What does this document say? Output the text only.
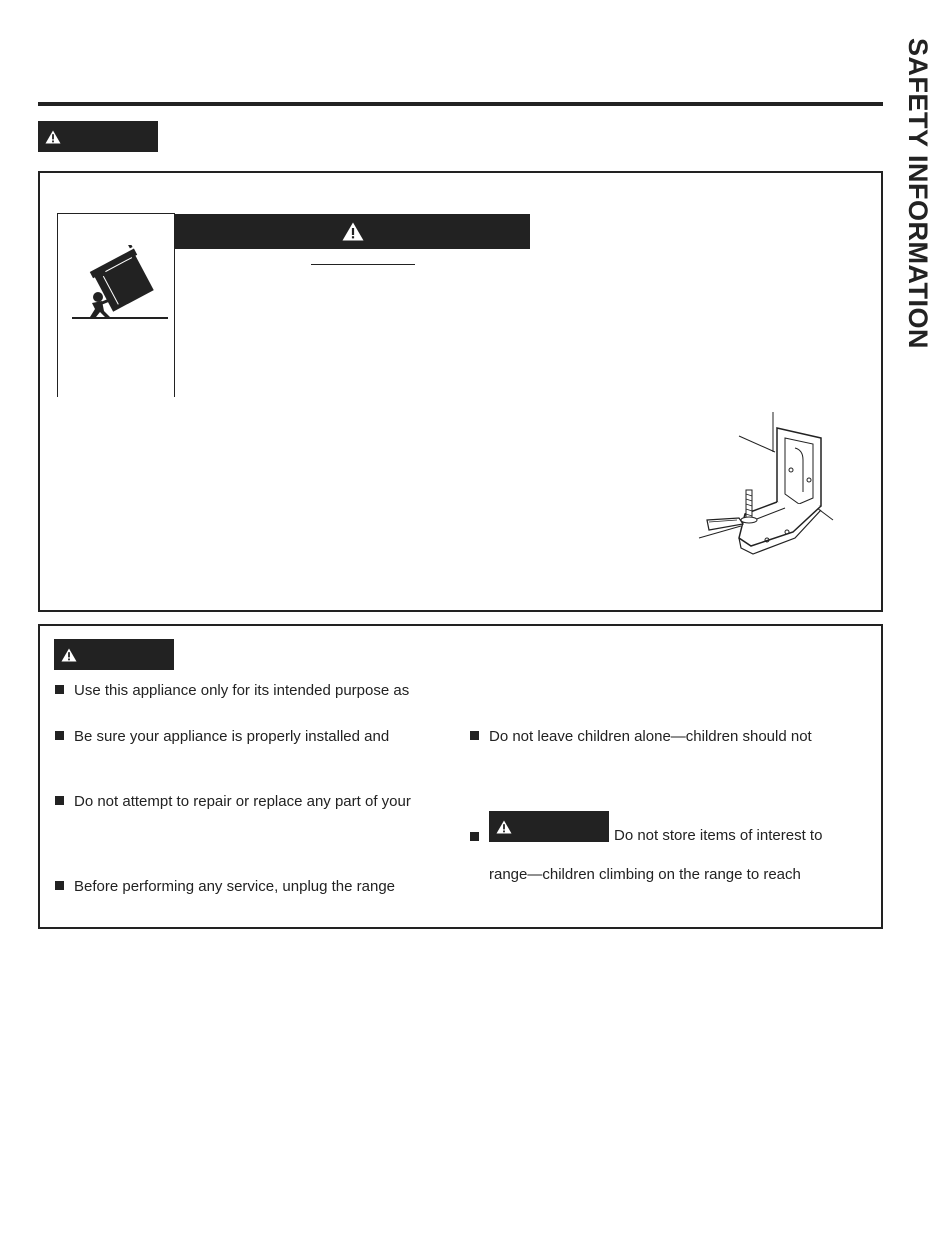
SAFETY INFORMATION
Use this appliance only for its intended purpose as
Be sure your appliance is properly installed and
Do not attempt to repair or replace any part of your
Before performing any service, unplug the range
Do not leave children alone—children should not
Do not store items of interest to
range—children climbing on the range to reach
